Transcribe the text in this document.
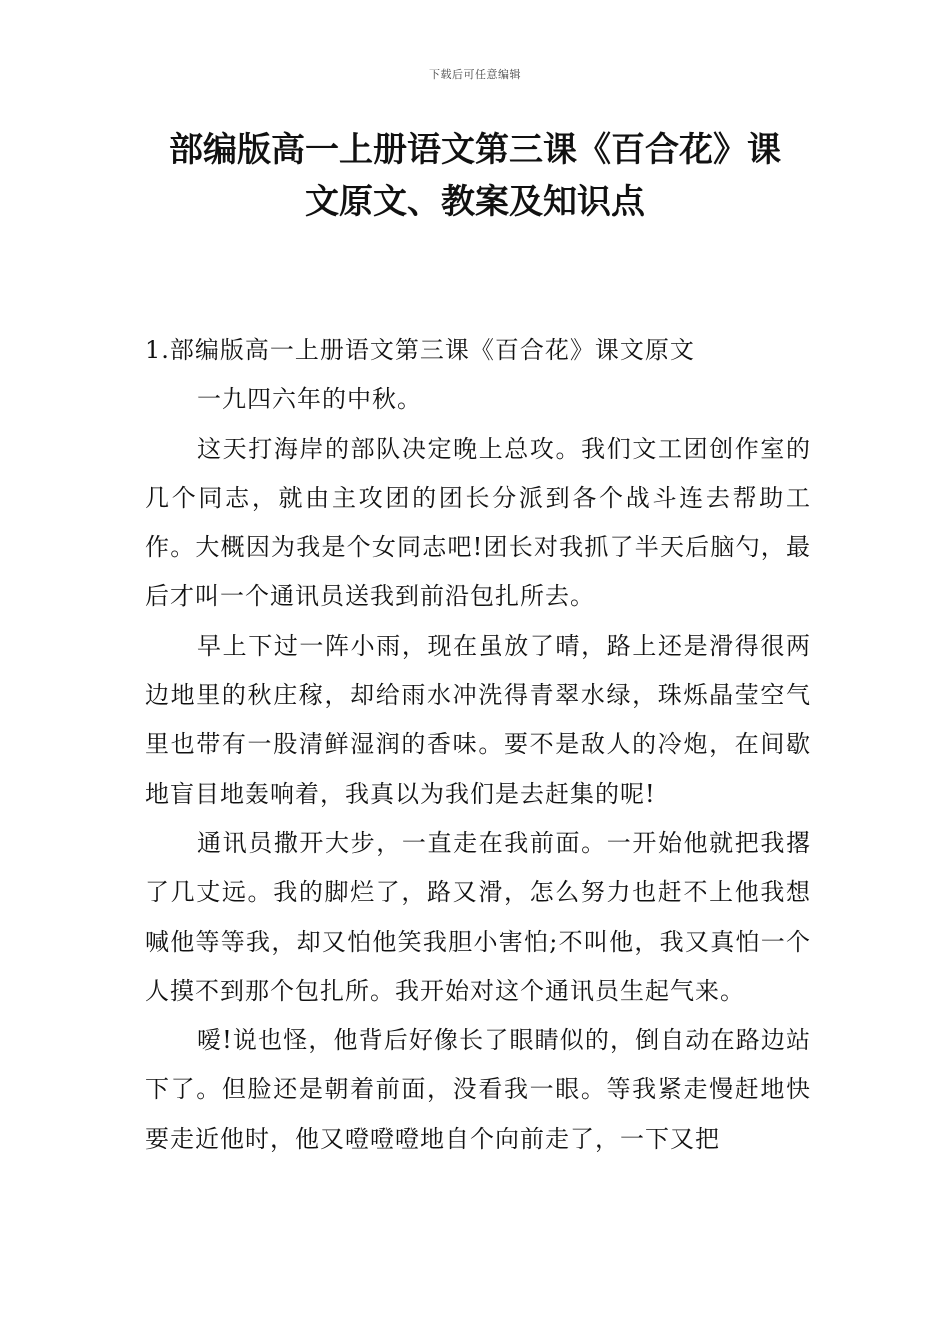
下载后可任意编辑
部编版高一上册语文第三课《百合花》课
文原文、教案及知识点

1.部编版高一上册语文第三课《百合花》课文原文

一九四六年的中秋。

这天打海岸的部队决定晚上总攻。我们文工团创作室的几个同志，就由主攻团的团长分派到各个战斗连去帮助工作。大概因为我是个女同志吧!团长对我抓了半天后脑勺，最后才叫一个通讯员送我到前沿包扎所去。

早上下过一阵小雨，现在虽放了晴，路上还是滑得很两边地里的秋庄稼，却给雨水冲洗得青翠水绿，珠烁晶莹空气里也带有一股清鲜湿润的香味。要不是敌人的冷炮，在间歇地盲目地轰响着，我真以为我们是去赶集的呢!

通讯员撒开大步，一直走在我前面。一开始他就把我撂了几丈远。我的脚烂了，路又滑，怎么努力也赶不上他我想喊他等等我，却又怕他笑我胆小害怕;不叫他，我又真怕一个人摸不到那个包扎所。我开始对这个通讯员生起气来。

嗳!说也怪，他背后好像长了眼睛似的，倒自动在路边站下了。但脸还是朝着前面，没看我一眼。等我紧走慢赶地快要走近他时，他又噔噔噔地自个向前走了，一下又把
